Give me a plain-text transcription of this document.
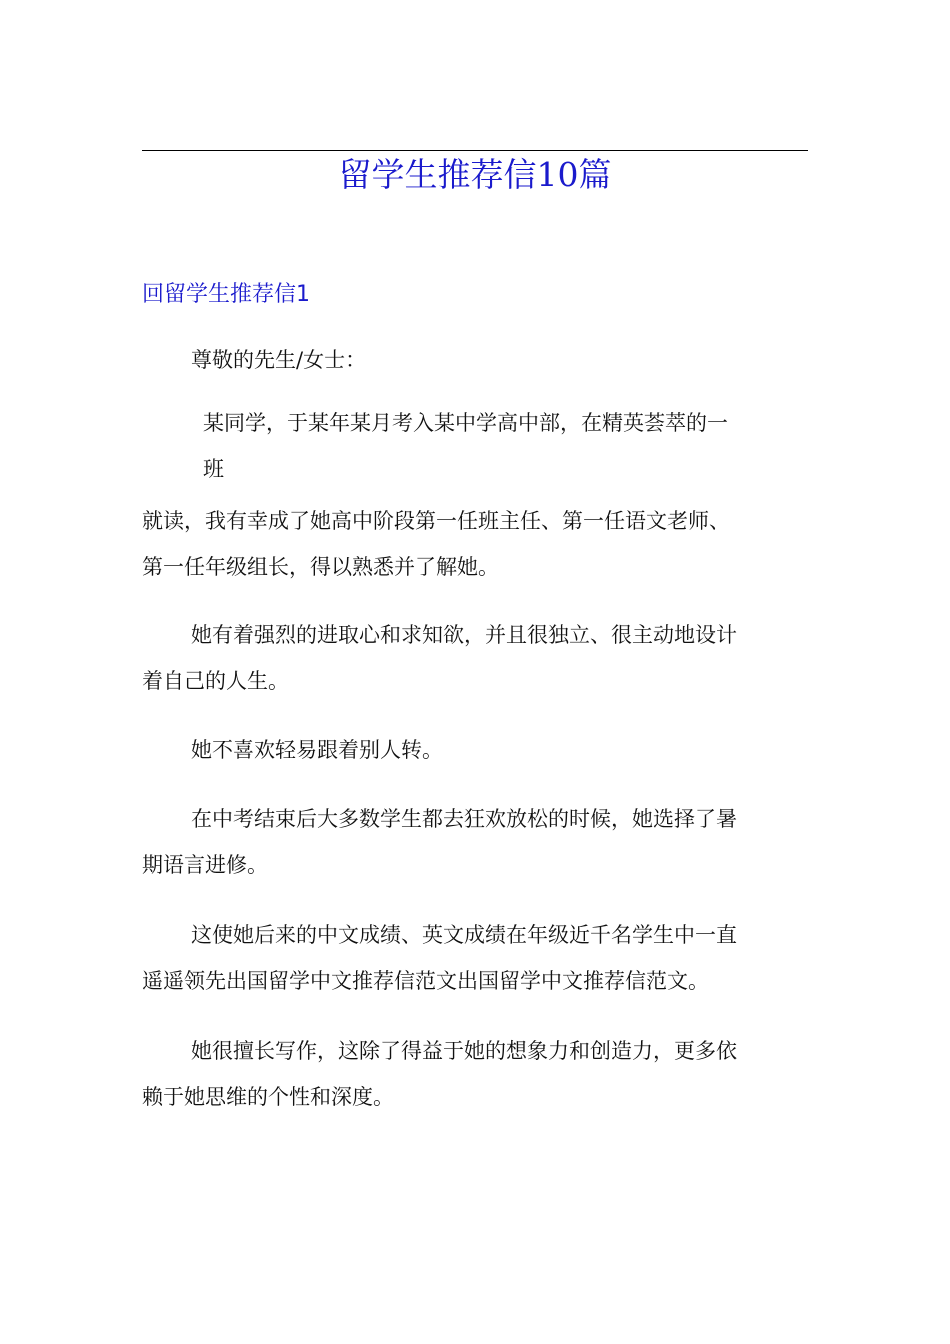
留学生推荐信10篇
回留学生推荐信1

尊敬的先生/女士：

某同学，于某年某月考入某中学高中部，在精英荟萃的一
班
就读，我有幸成了她高中阶段第一任班主任、第一任语文老师、
第一任年级组长，得以熟悉并了解她。

她有着强烈的进取心和求知欲，并且很独立、很主动地设计
着自己的人生。

她不喜欢轻易跟着别人转。

在中考结束后大多数学生都去狂欢放松的时候，她选择了暑
期语言进修。

这使她后来的中文成绩、英文成绩在年级近千名学生中一直
遥遥领先出国留学中文推荐信范文出国留学中文推荐信范文。

她很擅长写作，这除了得益于她的想象力和创造力，更多依
赖于她思维的个性和深度。
